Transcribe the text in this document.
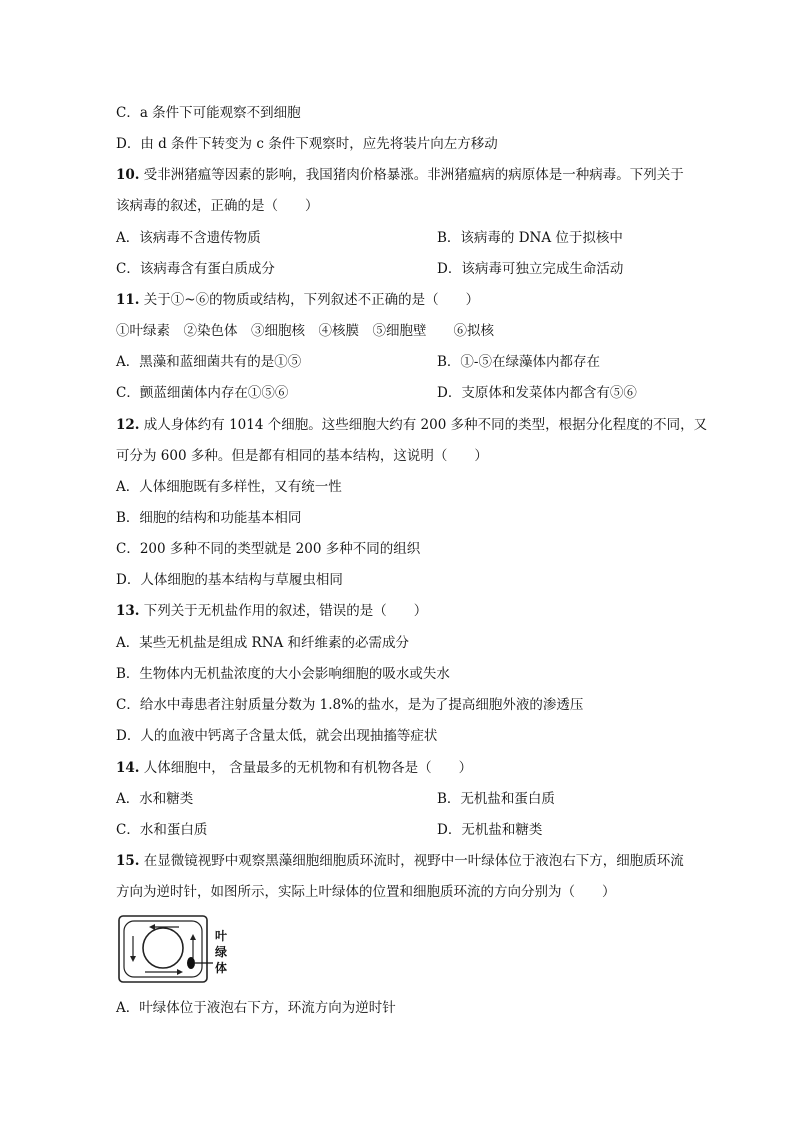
C．a 条件下可能观察不到细胞
D．由 d 条件下转变为 c 条件下观察时，应先将装片向左方移动
10. 受非洲猪瘟等因素的影响，我国猪肉价格暴涨。非洲猪瘟病的病原体是一种病毒。下列关于
该病毒的叙述，正确的是（　　）
A．该病毒不含遗传物质	B．该病毒的 DNA 位于拟核中
C．该病毒含有蛋白质成分	D．该病毒可独立完成生命活动
11. 关于①~⑥的物质或结构，下列叙述不正确的是（　　）
①叶绿素　②染色体　③细胞核　④核膜　⑤细胞壁　　⑥拟核
A．黑藻和蓝细菌共有的是①⑤	B．①-⑤在绿藻体内都存在
C．颤蓝细菌体内存在①⑤⑥	D．支原体和发菜体内都含有⑤⑥
12. 成人身体约有 1014 个细胞。这些细胞大约有 200 多种不同的类型，根据分化程度的不同，又
可分为 600 多种。但是都有相同的基本结构，这说明（　　）
A．人体细胞既有多样性，又有统一性
B．细胞的结构和功能基本相同
C．200 多种不同的类型就是 200 多种不同的组织
D．人体细胞的基本结构与草履虫相同
13. 下列关于无机盐作用的叙述，错误的是（　　）
A．某些无机盐是组成 RNA 和纤维素的必需成分
B．生物体内无机盐浓度的大小会影响细胞的吸水或失水
C．给水中毒患者注射质量分数为 1.8%的盐水，是为了提高细胞外液的渗透压
D．人的血液中钙离子含量太低，就会出现抽搐等症状
14. 人体细胞中， 含量最多的无机物和有机物各是（　　）
A．水和糖类	B．无机盐和蛋白质
C．水和蛋白质	D．无机盐和糖类
15. 在显微镜视野中观察黑藻细胞细胞质环流时，视野中一叶绿体位于液泡右下方，细胞质环流
方向为逆时针，如图所示，实际上叶绿体的位置和细胞质环流的方向分别为（　　）
叶
绿
体
A．叶绿体位于液泡右下方，环流方向为逆时针
